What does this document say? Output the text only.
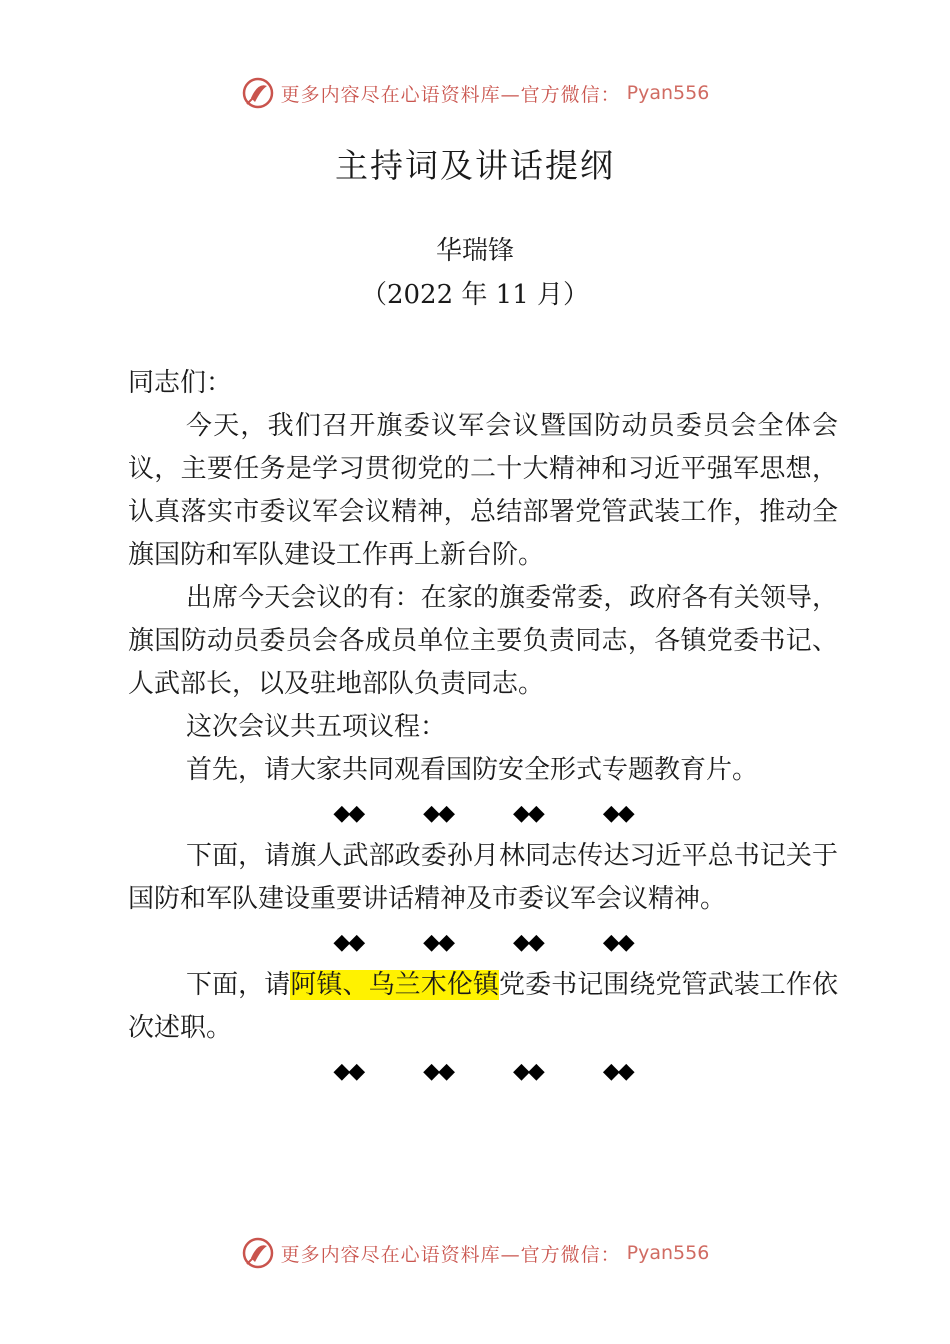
更多内容尽在心语资料库—官方微信： Pyan556
主持词及讲话提纲
华瑞锋
（2022 年 11 月）

同志们：

今天，我们召开旗委议军会议暨国防动员委员会全体会议，主要任务是学习贯彻党的二十大精神和习近平强军思想，认真落实市委议军会议精神，总结部署党管武装工作，推动全旗国防和军队建设工作再上新台阶。

出席今天会议的有：在家的旗委常委，政府各有关领导，旗国防动员委员会各成员单位主要负责同志，各镇党委书记、人武部长，以及驻地部队负责同志。

这次会议共五项议程：

首先，请大家共同观看国防安全形式专题教育片。

◆◆	◆◆	◆◆	◆◆

下面，请旗人武部政委孙月林同志传达习近平总书记关于国防和军队建设重要讲话精神及市委议军会议精神。

◆◆	◆◆	◆◆	◆◆

下面，请阿镇、乌兰木伦镇党委书记围绕党管武装工作依次述职。

◆◆	◆◆	◆◆	◆◆
更多内容尽在心语资料库—官方微信： Pyan556
